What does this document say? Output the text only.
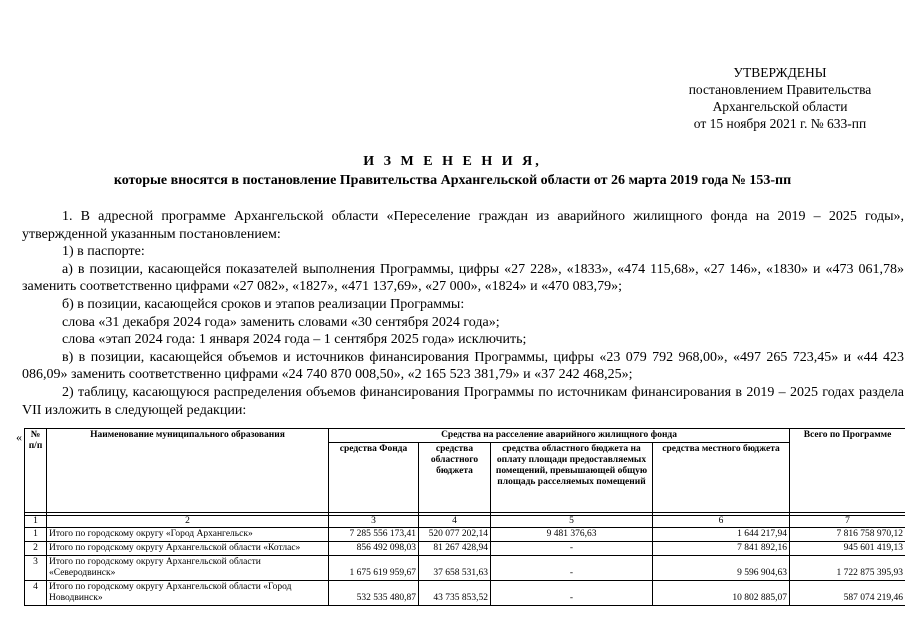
УТВЕРЖДЕНЫ
постановлением Правительства
Архангельской области
от 15 ноября 2021 г. № 633-пп
И З М Е Н Е Н И Я,
которые вносятся в постановление Правительства Архангельской области от 26 марта 2019 года № 153-пп

1. В адресной программе Архангельской области «Переселение граждан из аварийного жилищного фонда на 2019 – 2025 годы», утвержденной указанным постановлением:

1) в паспорте:

а) в позиции, касающейся показателей выполнения Программы, цифры «27 228», «1833», «474 115,68», «27 146», «1830» и «473 061,78» заменить соответственно цифрами «27 082», «1827», «471 137,69», «27 000», «1824» и «470 083,79»;

б) в позиции, касающейся сроков и этапов реализации Программы:

слова «31 декабря 2024 года» заменить словами «30 сентября 2024 года»;

слова «этап 2024 года: 1 января 2024 года – 1 сентября 2025 года» исключить;

в) в позиции, касающейся объемов и источников финансирования Программы, цифры «23 079 792 968,00», «497 265 723,45» и «44 423 086,09» заменить соответственно цифрами «24 740 870 008,50», «2 165 523 381,79» и «37 242 468,25»;

2) таблицу, касающуюся распределения объемов финансирования Программы по источникам финансирования в 2019 – 2025 годах раздела VII изложить в следующей редакции:

« № п/п	Наименование муниципального образования	Средства на расселение аварийного жилищного фонда				Всего по Программе
		средства Фонда	средства областного бюджета	средства областного бюджета на оплату площади предоставляемых помещений, превышающей общую площадь расселяемых помещений	средства местного бюджета	

1	2	3	4	5	6	7
1	Итого по городскому округу «Город Архангельск»	7 285 556 173,41	520 077 202,14	9 481 376,63	1 644 217,94	7 816 758 970,12
2	Итого по городскому округу Архангельской области «Котлас»	856 492 098,03	81 267 428,94	-	7 841 892,16	945 601 419,13
3	Итого по городскому округу Архангельской области «Северодвинск»	1 675 619 959,67	37 658 531,63	-	9 596 904,63	1 722 875 395,93
4	Итого по городскому округу Архангельской области «Город Новодвинск»	532 535 480,87	43 735 853,52	-	10 802 885,07	587 074 219,46
